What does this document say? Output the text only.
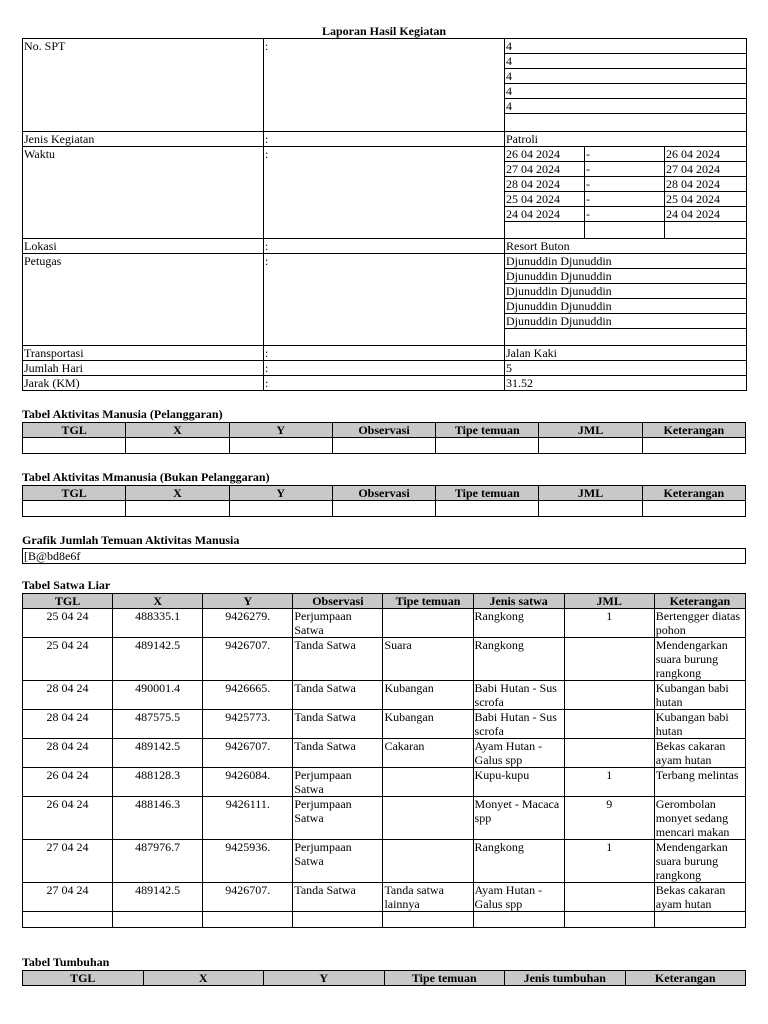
Laporan Hasil Kegiatan
No. SPT	:	4		
		4		
		4		
		4		
		4		

Jenis Kegiatan	:	Patroli		
Waktu	:	26 04 2024	-	26 04 2024
		27 04 2024	-	27 04 2024
		28 04 2024	-	28 04 2024
		25 04 2024	-	25 04 2024
		24 04 2024	-	24 04 2024

Lokasi	:	Resort Buton		
Petugas	:	Djunuddin Djunuddin		
		Djunuddin Djunuddin		
		Djunuddin Djunuddin		
		Djunuddin Djunuddin		
		Djunuddin Djunuddin		

Transportasi	:	Jalan Kaki		
Jumlah Hari	:	5		
Jarak (KM)	:	31.52		
Tabel Aktivitas Manusia (Pelanggaran)
TGL	X	Y	Observasi	Tipe temuan	JML	Keterangan

Tabel Aktivitas Mmanusia (Bukan Pelanggaran)
TGL	X	Y	Observasi	Tipe temuan	JML	Keterangan

Grafik Jumlah Temuan Aktivitas Manusia
[B@bd8e6f
Tabel Satwa Liar
TGL	X	Y	Observasi	Tipe temuan	Jenis satwa	JML	Keterangan
25 04 24	488335.1	9426279.	Perjumpaan Satwa		Rangkong	1	Bertengger diatas pohon
25 04 24	489142.5	9426707.	Tanda Satwa	Suara	Rangkong		Mendengarkan suara burung rangkong
28 04 24	490001.4	9426665.	Tanda Satwa	Kubangan	Babi Hutan - Sus scrofa		Kubangan babi hutan
28 04 24	487575.5	9425773.	Tanda Satwa	Kubangan	Babi Hutan - Sus scrofa		Kubangan babi hutan
28 04 24	489142.5	9426707.	Tanda Satwa	Cakaran	Ayam Hutan - Galus spp		Bekas cakaran ayam hutan
26 04 24	488128.3	9426084.	Perjumpaan Satwa		Kupu-kupu	1	Terbang melintas
26 04 24	488146.3	9426111.	Perjumpaan Satwa		Monyet - Macaca spp	9	Gerombolan monyet sedang mencari makan
27 04 24	487976.7	9425936.	Perjumpaan Satwa		Rangkong	1	Mendengarkan suara burung rangkong
27 04 24	489142.5	9426707.	Tanda Satwa	Tanda satwa lainnya	Ayam Hutan - Galus spp		Bekas cakaran ayam hutan

Tabel Tumbuhan
TGL	X	Y	Tipe temuan	Jenis tumbuhan	Keterangan
